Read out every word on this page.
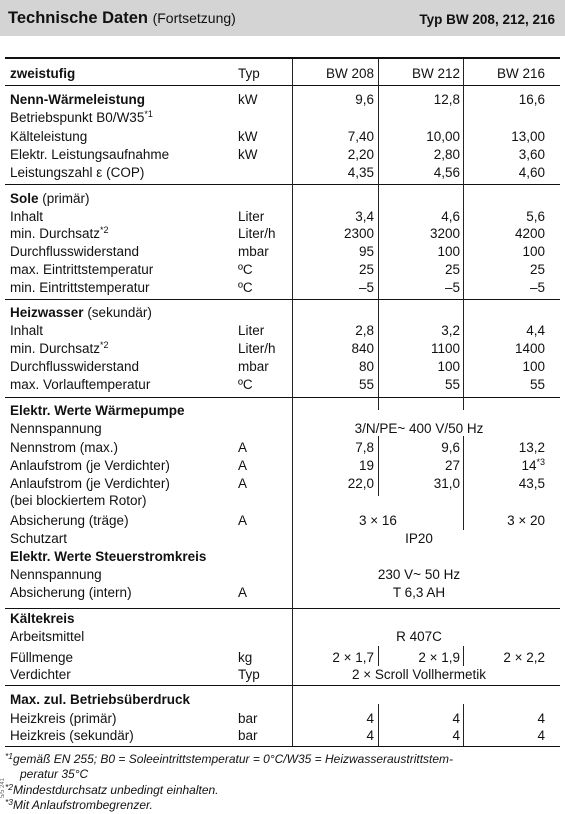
Technische Daten (Fortsetzung)	Typ BW 208, 212, 216
zweistufig	Typ	BW 208	BW 212	BW 216
Nenn-Wärmeleistung	kW	9,6	12,8	16,6
Betriebspunkt B0/W35$^{*1}$
Kälteleistung	kW	7,40	10,00	13,00
Elektr. Leistungsaufnahme	kW	2,20	2,80	3,60
Leistungszahl ε (COP)	4,35	4,56	4,60
Sole (primär)
Inhalt	Liter	3,4	4,6	5,6
min. Durchsatz$^{*2}$	Liter/h	2300	3200	4200
Durchflusswiderstand	mbar	95	100	100
max. Eintrittstemperatur	ºC	25	25	25
min. Eintrittstemperatur	ºC	–5	–5	–5
Heizwasser (sekundär)
Inhalt	Liter	2,8	3,2	4,4
min. Durchsatz$^{*2}$	Liter/h	840	1100	1400
Durchflusswiderstand	mbar	80	100	100
max. Vorlauftemperatur	ºC	55	55	55
Elektr. Werte Wärmepumpe
Nennspannung	3/N/PE~ 400 V/50 Hz
Nennstrom (max.)	A	7,8	9,6	13,2
Anlaufstrom (je Verdichter)	A	19	27	14$^{*3}$
Anlaufstrom (je Verdichter)	A	22,0	31,0	43,5
(bei blockiertem Rotor)
Absicherung (träge)	A	3 × 16	3 × 20
Schutzart	IP20
Elektr. Werte Steuerstromkreis
Nennspannung	230 V~ 50 Hz
Absicherung (intern)	A	T 6,3 AH
Kältekreis
Arbeitsmittel	R 407C
Füllmenge	kg	2 × 1,7	2 × 1,9	2 × 2,2
Verdichter	Typ	2 × Scroll Vollhermetik
Max. zul. Betriebsüberdruck
Heizkreis (primär)	bar	4	4	4
Heizkreis (sekundär)	bar	4	4	4
$^{*1}$gemäß EN 255; B0 = Soleeintrittstemperatur = 0°C/W35 = Heizwasseraustrittstem-
peratur 35°C
$^{*2}$Mindestdurchsatz unbedingt einhalten.
$^{*3}$Mit Anlaufstrombegrenzer.
5/5 241
